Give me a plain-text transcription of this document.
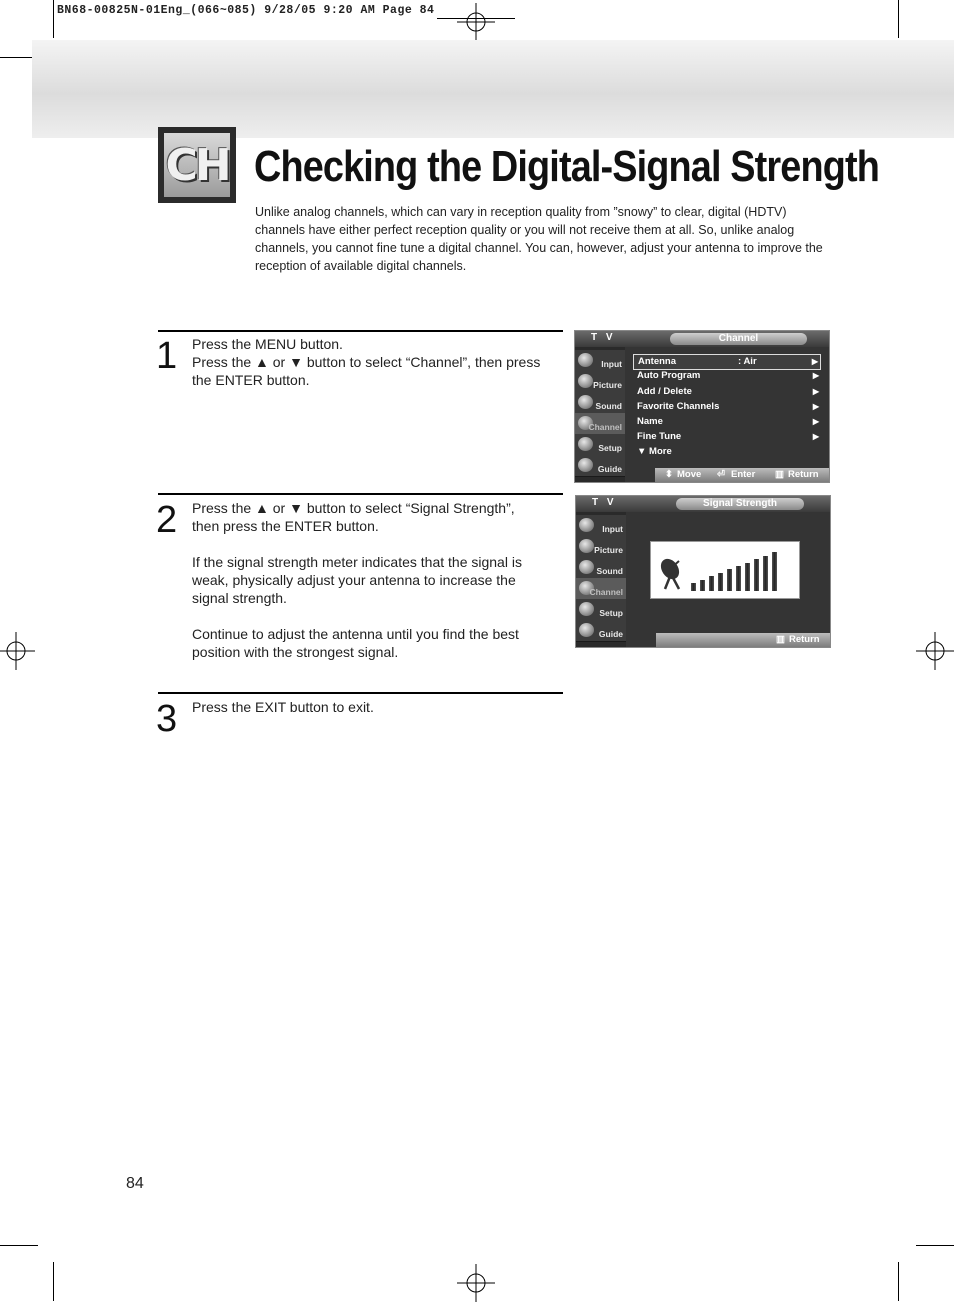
BN68-00825N-01Eng_(066~085) 9/28/05 9:20 AM Page 84
CH Checking the Digital-Signal Strength
Unlike analog channels, which can vary in reception quality from ”snowy” to clear, digital (HDTV) channels have either perfect reception quality or you will not receive them at all. So, unlike analog channels, you cannot fine tune a digital channel. You can, however, adjust your antenna to improve the reception of available digital channels.
1 Press the MENU button.

Press the ▲ or ▼ button to select “Channel”, then press the ENTER button.

2 Press the ▲ or ▼ button to select “Signal Strength”, then press the ENTER button.

If the signal strength meter indicates that the signal is weak, physically adjust your antenna to increase the signal strength.

Continue to adjust the antenna until you find the best position with the strongest signal.

3 Press the EXIT button to exit.

T V	Channel
Input
Picture
Sound
Channel
Setup
Guide
Antenna	: Air	▶
Auto Program	▶
Add / Delete	▶
Favorite Channels	▶
Name	▶
Fine Tune	▶
▼ More
⬍ Move ⏎ Enter ▥ Return
T V	Signal Strength
Input
Picture
Sound
Channel
Setup
Guide	▥ Return
84
